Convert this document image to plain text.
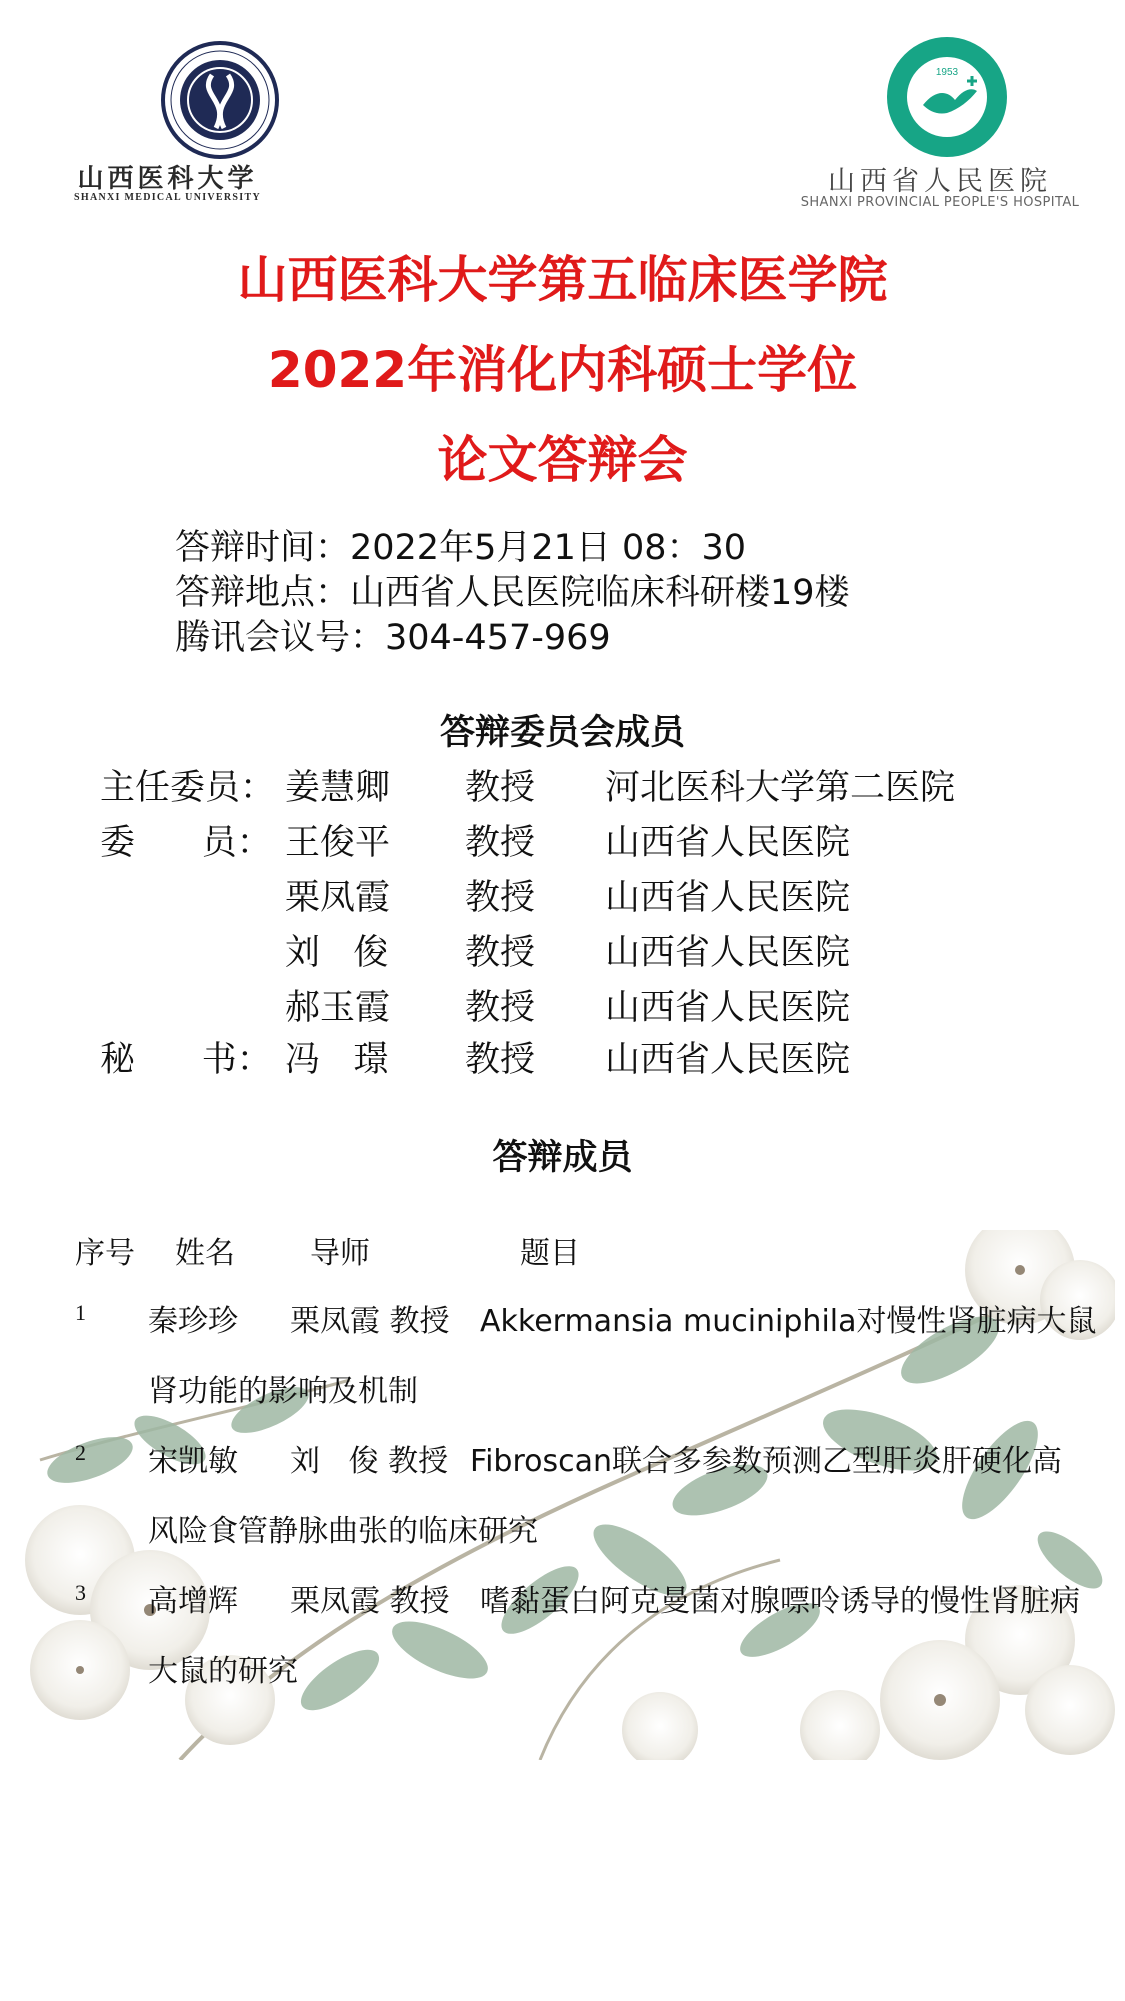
山西医科大学
SHANXI MEDICAL UNIVERSITY
1953
山西省人民医院
SHANXI PROVINCIAL PEOPLE'S HOSPITAL
山西医科大学第五临床医学院
2022年消化内科硕士学位
论文答辩会
答辩时间：2022年5月21日 08：30
答辩地点：山西省人民医院临床科研楼19楼
腾讯会议号：304-457-969
答辩委员会成员
主任委员： 姜慧卿 教授 河北医科大学第二医院
委      员： 王俊平 教授 山西省人民医院
栗凤霞 教授 山西省人民医院
刘   俊 教授 山西省人民医院
郝玉霞 教授 山西省人民医院
秘      书： 冯   璟 教授 山西省人民医院
答辩成员
序号 姓名	导师	题目
1 秦珍珍 栗凤霞 教授 Akkermansia muciniphila对慢性肾脏病大鼠
肾功能的影响及机制
2 宋凯敏 刘   俊 教授 Fibroscan联合多参数预测乙型肝炎肝硬化高
风险食管静脉曲张的临床研究
3 高增辉 栗凤霞 教授 嗜黏蛋白阿克曼菌对腺嘌呤诱导的慢性肾脏病
大鼠的研究
